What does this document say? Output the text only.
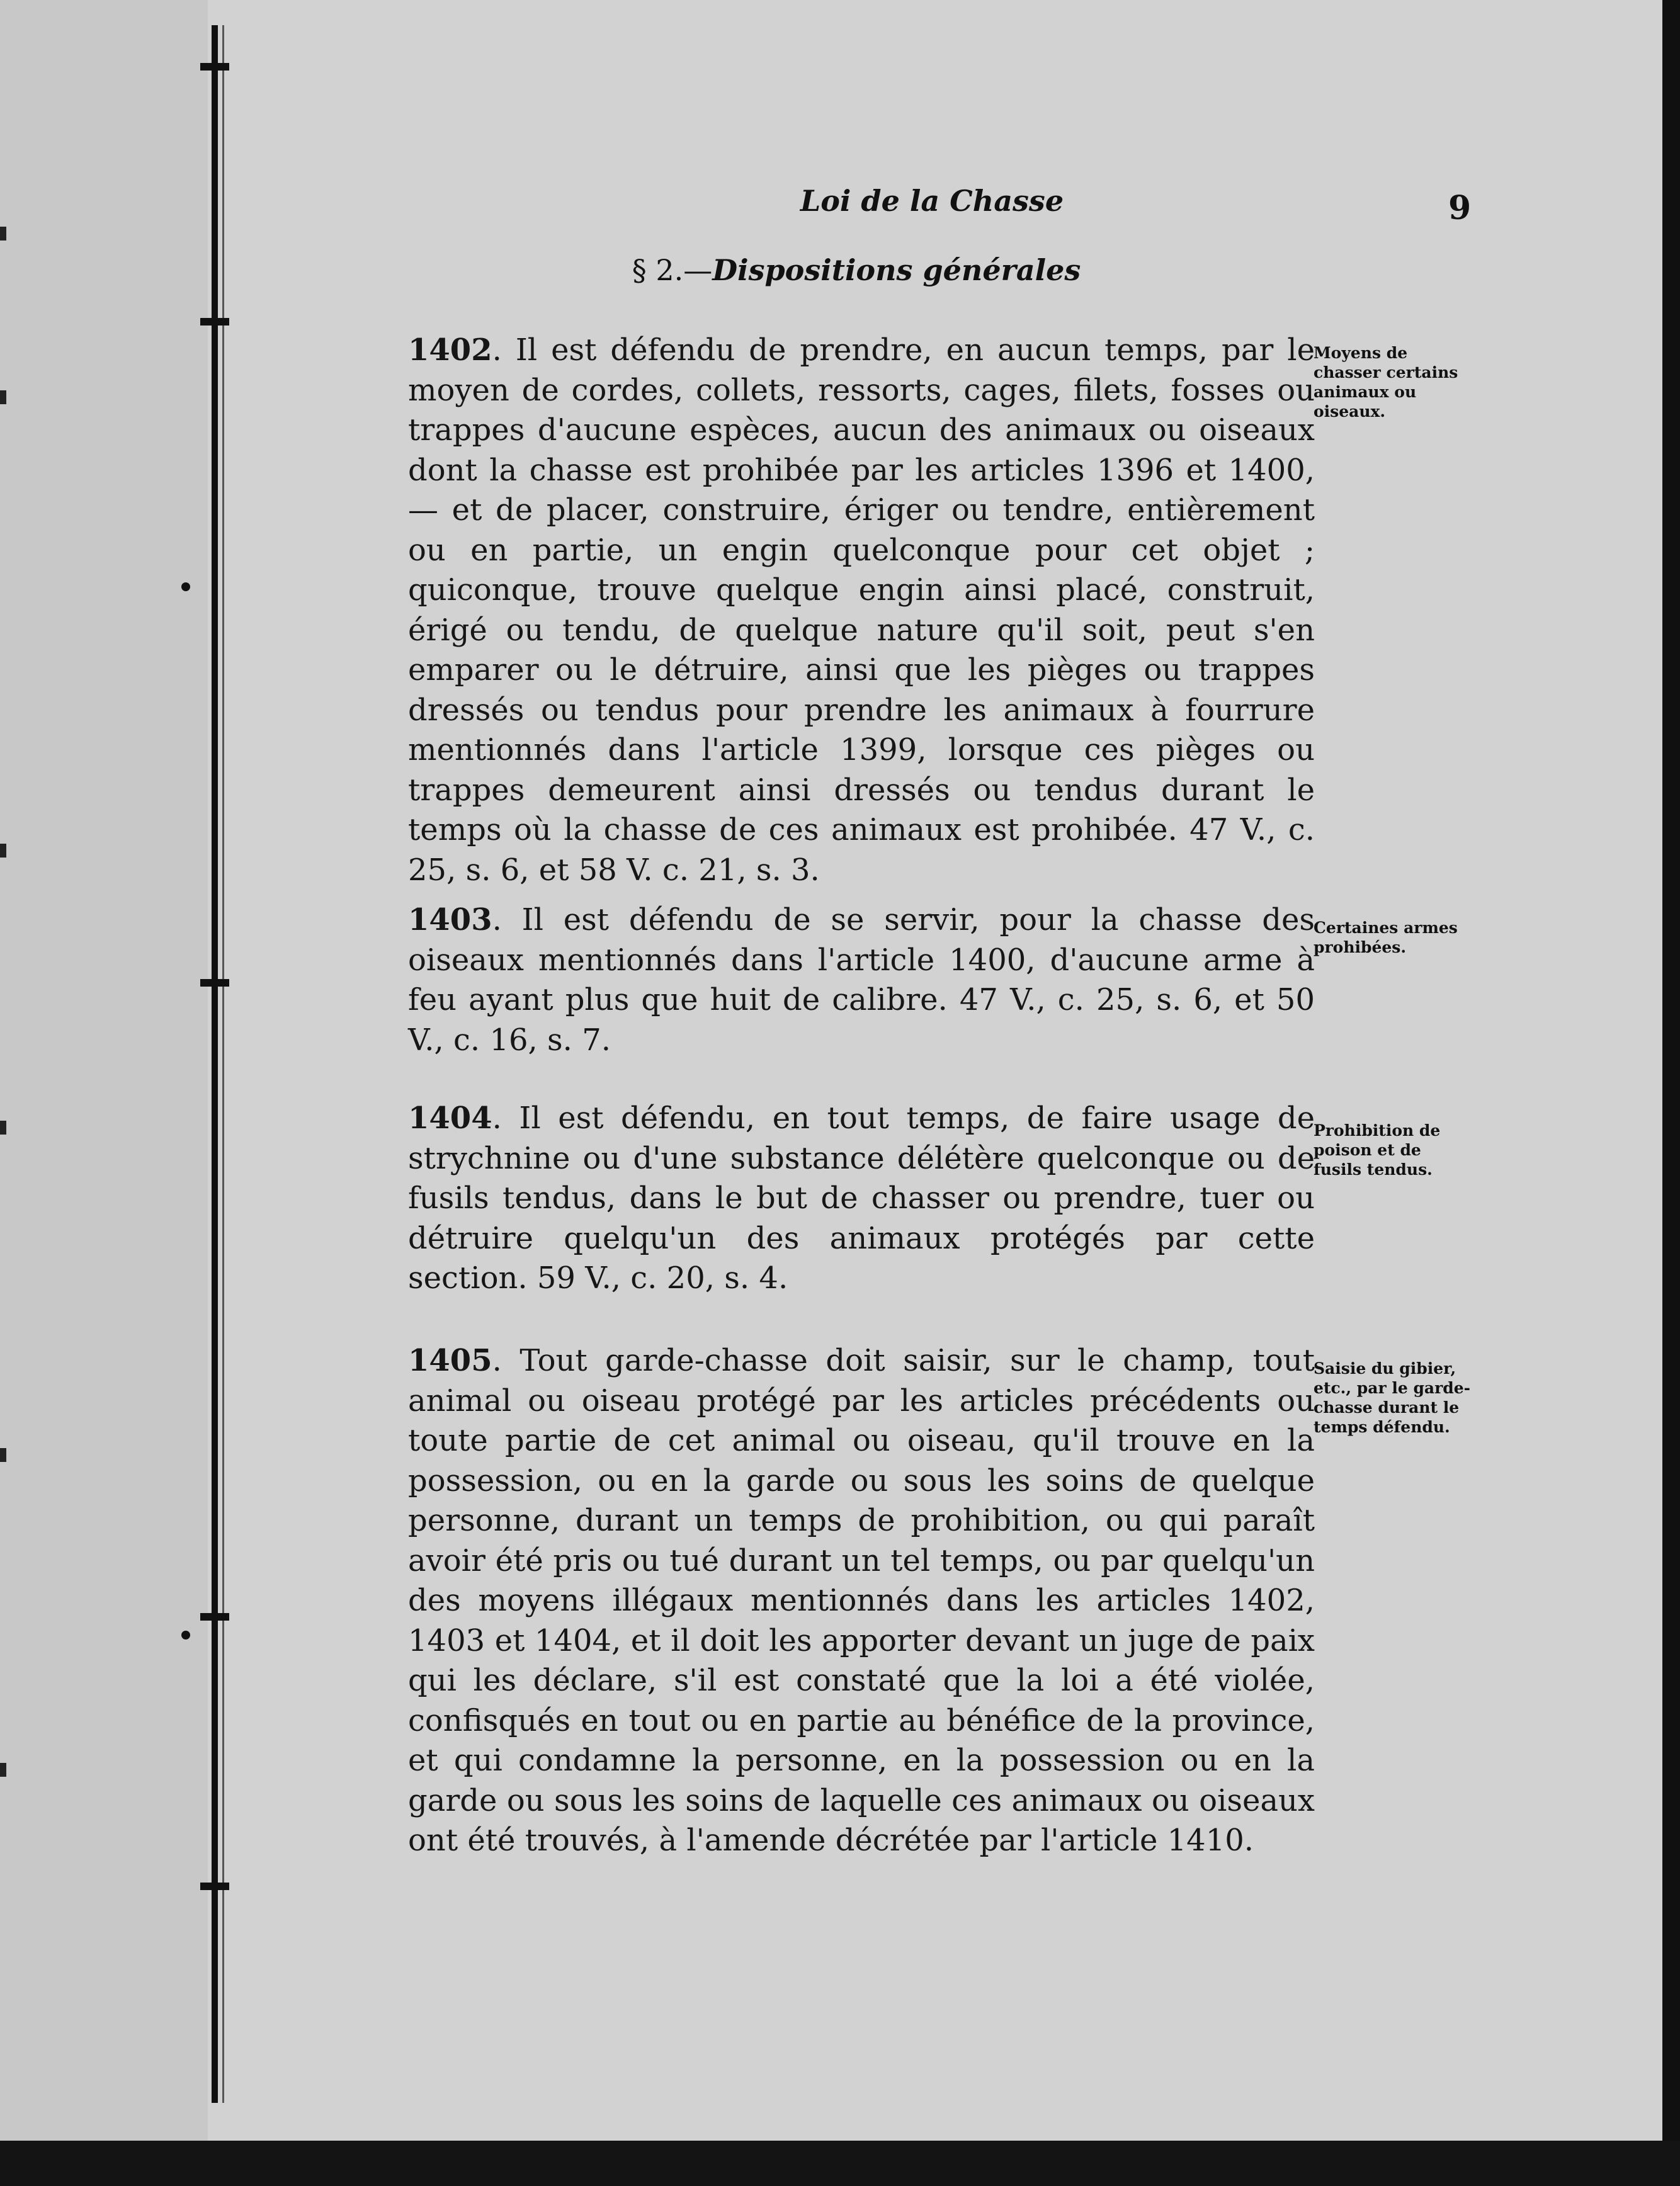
Loi de la Chasse	9
§ 2.—Dispositions générales
1402. Il est défendu de prendre, en aucun temps, par le moyen de cordes, collets, ressorts, cages, filets, fosses ou trappes d'aucune espèces, aucun des animaux ou oiseaux dont la chasse est prohibée par les articles 1396 et 1400,— et de placer, construire, ériger ou tendre, entièrement ou en partie, un engin quelconque pour cet objet ; quiconque, trouve quelque engin ainsi placé, construit, érigé ou tendu, de quelque nature qu'il soit, peut s'en emparer ou le détruire, ainsi que les pièges ou trappes dressés ou tendus pour prendre les animaux à fourrure mentionnés dans l'article 1399, lorsque ces pièges ou trappes demeurent ainsi dressés ou tendus durant le temps où la chasse de ces animaux est prohibée. 47 V., c. 25, s. 6, et 58 V. c. 21, s. 3.
Moyens de chasser certains animaux ou oiseaux.
1403. Il est défendu de se servir, pour la chasse des oiseaux mentionnés dans l'article 1400, d'aucune arme à feu ayant plus que huit de calibre. 47 V., c. 25, s. 6, et 50 V., c. 16, s. 7.
Certaines armes prohibées.
1404. Il est défendu, en tout temps, de faire usage de strychnine ou d'une substance délétère quelconque ou de fusils tendus, dans le but de chasser ou prendre, tuer ou détruire quelqu'un des animaux protégés par cette section. 59 V., c. 20, s. 4.
Prohibition de poison et de fusils tendus.
1405. Tout garde-chasse doit saisir, sur le champ, tout animal ou oiseau protégé par les articles précédents ou toute partie de cet animal ou oiseau, qu'il trouve en la possession, ou en la garde ou sous les soins de quelque personne, durant un temps de prohibition, ou qui paraît avoir été pris ou tué durant un tel temps, ou par quelqu'un des moyens illégaux mentionnés dans les articles 1402, 1403 et 1404, et il doit les apporter devant un juge de paix qui les déclare, s'il est constaté que la loi a été violée, confisqués en tout ou en partie au bénéfice de la province, et qui condamne la personne, en la possession ou en la garde ou sous les soins de laquelle ces animaux ou oiseaux ont été trouvés, à l'amende décrétée par l'article 1410.
Saisie du gibier, etc., par le garde-chasse durant le temps défendu.
